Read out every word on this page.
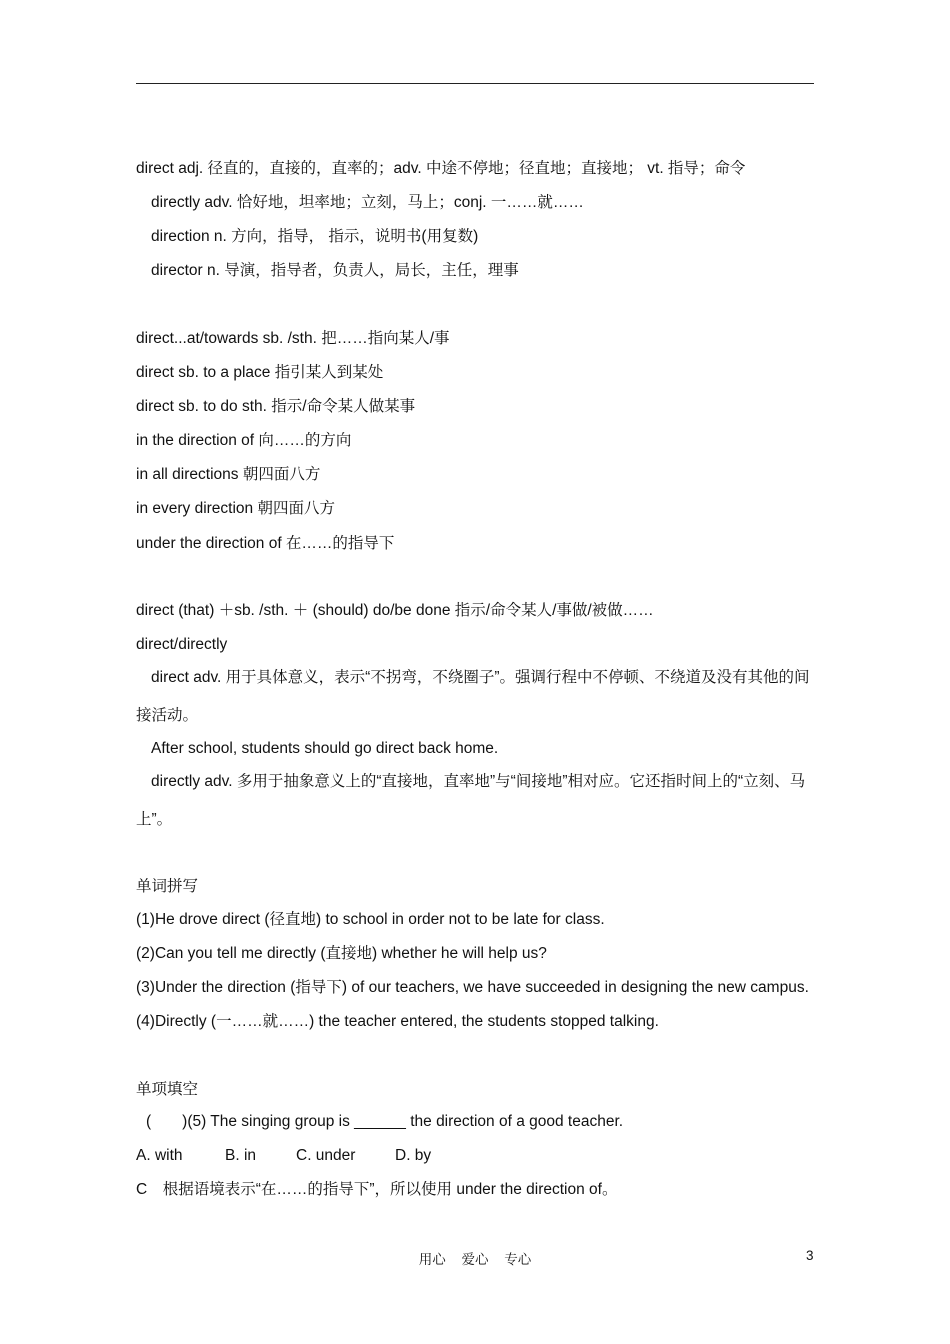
direct adj. 径直的，直接的，直率的；adv. 中途不停地；径直地；直接地； vt. 指导；命令
directly adv. 恰好地，坦率地；立刻，马上；conj. 一……就……
direction n. 方向，指导， 指示，说明书(用复数)
director n. 导演，指导者，负责人，局长，主任，理事
direct...at/towards sb. /sth. 把……指向某人/事
direct sb. to a place 指引某人到某处
direct sb. to do sth. 指示/命令某人做某事
in the direction of 向……的方向
in all directions 朝四面八方
in every direction 朝四面八方
under the direction of 在……的指导下
direct (that) ＋sb. /sth. ＋ (should) do/be done 指示/命令某人/事做/被做……
direct/directly
direct adv. 用于具体意义，表示“不拐弯，不绕圈子”。强调行程中不停顿、不绕道及没有其他的间接活动。
After school, students should go direct back home.
directly adv. 多用于抽象意义上的“直接地，直率地”与“间接地”相对应。它还指时间上的“立刻、马上”。
单词拼写
(1)He drove direct (径直地) to school in order not to be late for class.
(2)Can you tell me directly (直接地) whether he will help us?
(3)Under the direction (指导下) of our teachers, we have succeeded in designing the new campus.
(4)Directly (一……就……) the teacher entered, the students stopped talking.
单项填空
(　　)(5) The singing group is ______ the direction of a good teacher.
A. with	B. in	C. under	D. by
C　根据语境表示“在……的指导下”，所以使用 under the direction of。
用心 爱心 专心	3
